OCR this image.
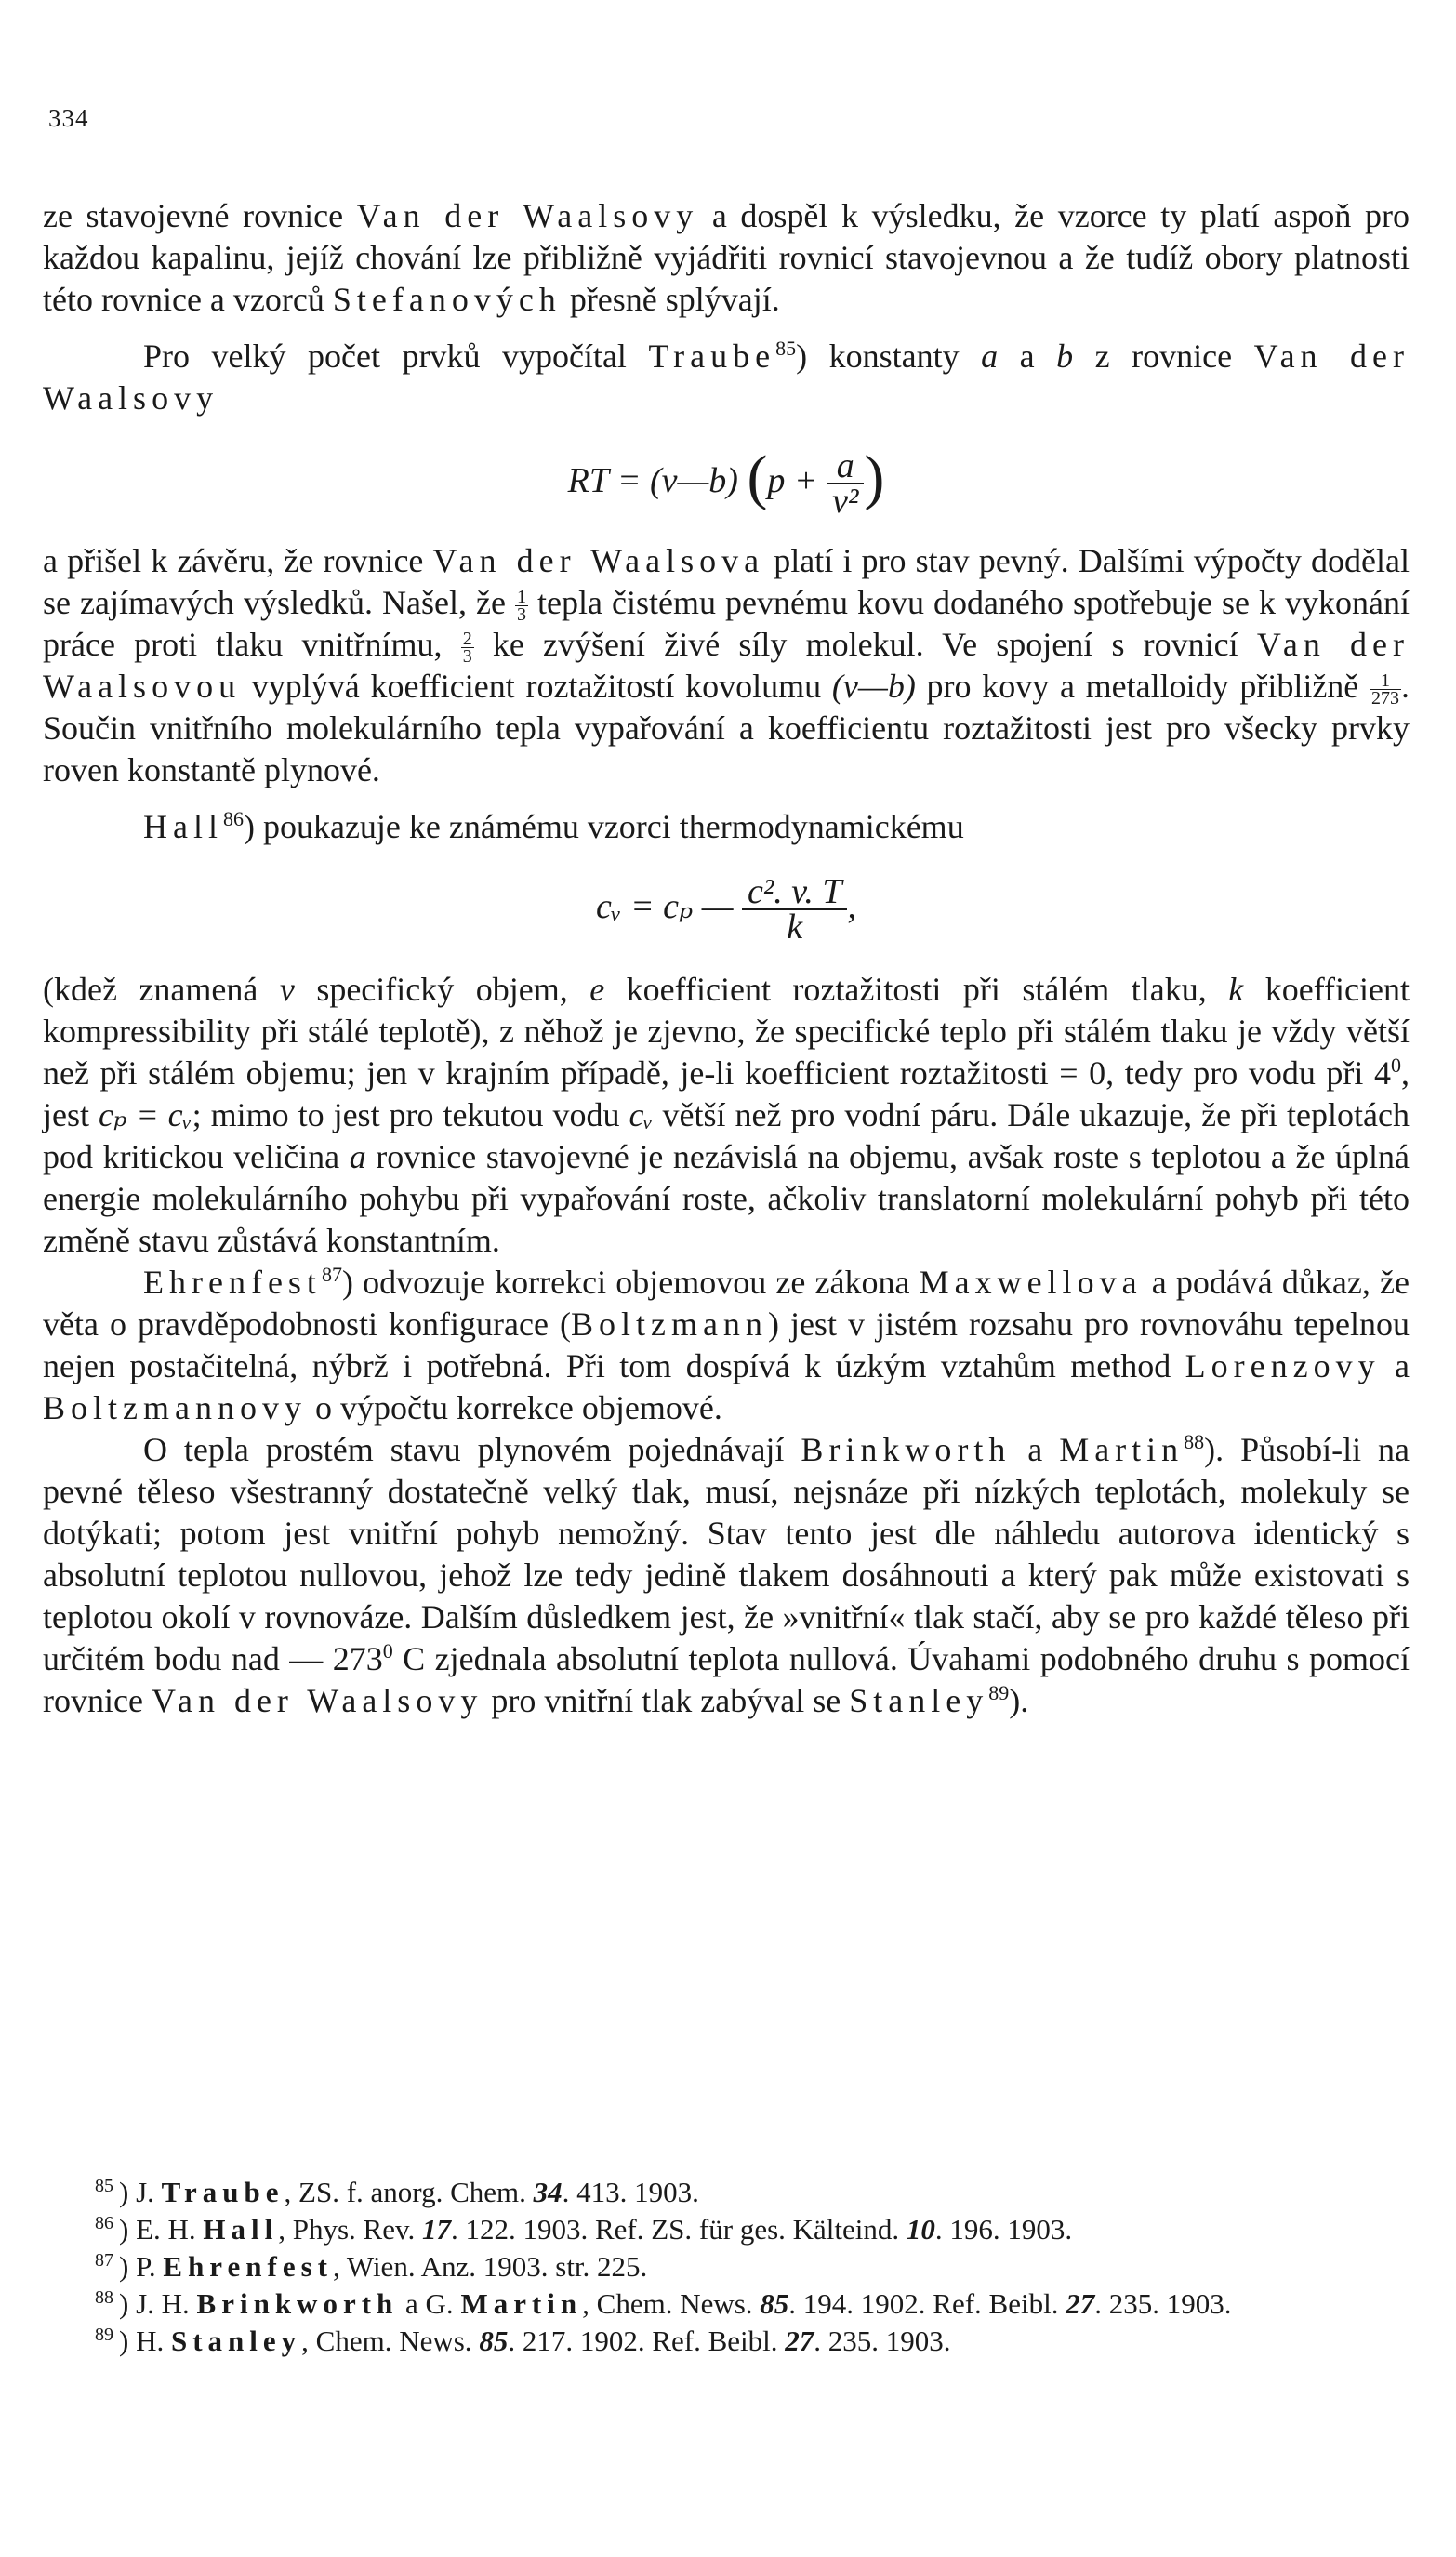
334

ze stavojevné rovnice Van der Waalsovy a dospěl k výsledku, že vzorce ty platí aspoň pro každou kapalinu, jejíž chování lze přibližně vyjádřiti rovnicí stavojevnou a že tudíž obory platnosti této rovnice a vzorců Stefanových přesně splývají.

Pro velký počet prvků vypočítal Traube$^{85}$) konstanty a a b z rovnice Van der Waalsovy

RT = (v—b) ($p + \frac{a}{\text{v²}}$ )

a přišel k závěru, že rovnice Van der Waalsova platí i pro stav pevný. Dalšími výpočty dodělal se zajímavých výsledků. Našel, že $\frac{1}{3}$ tepla čistému pevnému kovu dodaného spotřebuje se k vykonání práce proti tlaku vnitřnímu, $\frac{2}{3}$ ke zvýšení živé síly molekul. Ve spojení s rovnicí Van der Waalsovou vyplývá koefficient roztažitostí kovolumu (v—b) pro kovy a metalloidy přibližně $\frac{1}{273}$ . Součin vnitřního molekulárního tepla vypařování a koefficientu roztažitosti jest pro všecky prvky roven konstantě plynové.

Hall$^{86}$) poukazuje ke známému vzorci thermodynamickému

cᵥ = cₚ — $\frac{\text{c². v. T}}{k}$ ,

(kdež znamená v specifický objem, e koefficient roztažitosti při stálém tlaku, k koefficient kompressibility při stálé teplotě), z něhož je zjevno, že specifické teplo při stálém tlaku je vždy větší než při stálém objemu; jen v krajním případě, je-li koefficient roztažitosti = 0, tedy pro vodu při $4^0$, jest cₚ = cᵥ; mimo to jest pro tekutou vodu cᵥ větší než pro vodní páru. Dále ukazuje, že při teplotách pod kritickou veličina a rovnice stavojevné je nezávislá na objemu, avšak roste s teplotou a že úplná energie molekulárního pohybu při vypařování roste, ačkoliv translatorní molekulární pohyb při této změně stavu zůstává konstantním.

Ehrenfest$^{87}$) odvozuje korrekci objemovou ze zákona Maxwellova a podává důkaz, že věta o pravděpodobnosti konfigurace (Boltzmann) jest v jistém rozsahu pro rovnováhu tepelnou nejen postačitelná, nýbrž i potřebná. Při tom dospívá k úzkým vztahům method Lorenzovy a Boltzmannovy o výpočtu korrekce objemové.

O tepla prostém stavu plynovém pojednávají Brinkworth a Martin$^{88}$). Působí-li na pevné těleso všestranný dostatečně velký tlak, musí, nejsnáze při nízkých teplotách, molekuly se dotýkati; potom jest vnitřní pohyb nemožný. Stav tento jest dle náhledu autorova identický s absolutní teplotou nullovou, jehož lze tedy jedině tlakem dosáhnouti a který pak může existovati s teplotou okolí v rovnováze. Dalším důsledkem jest, že »vnitřní« tlak stačí, aby se pro každé těleso při určitém bodu nad — $273^0$ C zjednala absolutní teplota nullová. Úvahami podobného druhu s pomocí rovnice Van der Waalsovy pro vnitřní tlak zabýval se Stanley$^{89}$).

$^{85}$ ) J. Traube, ZS. f. anorg. Chem. 34. 413. 1903.

$^{86}$ ) E. H. Hall, Phys. Rev. 17. 122. 1903. Ref. ZS. für ges. Kälteind. 10. 196. 1903.

$^{87}$ ) P. Ehrenfest, Wien. Anz. 1903. str. 225.

$^{88}$ ) J. H. Brinkworth a G. Martin, Chem. News. 85. 194. 1902. Ref. Beibl. 27. 235. 1903.

$^{89}$ ) H. Stanley, Chem. News. 85. 217. 1902. Ref. Beibl. 27. 235. 1903.
